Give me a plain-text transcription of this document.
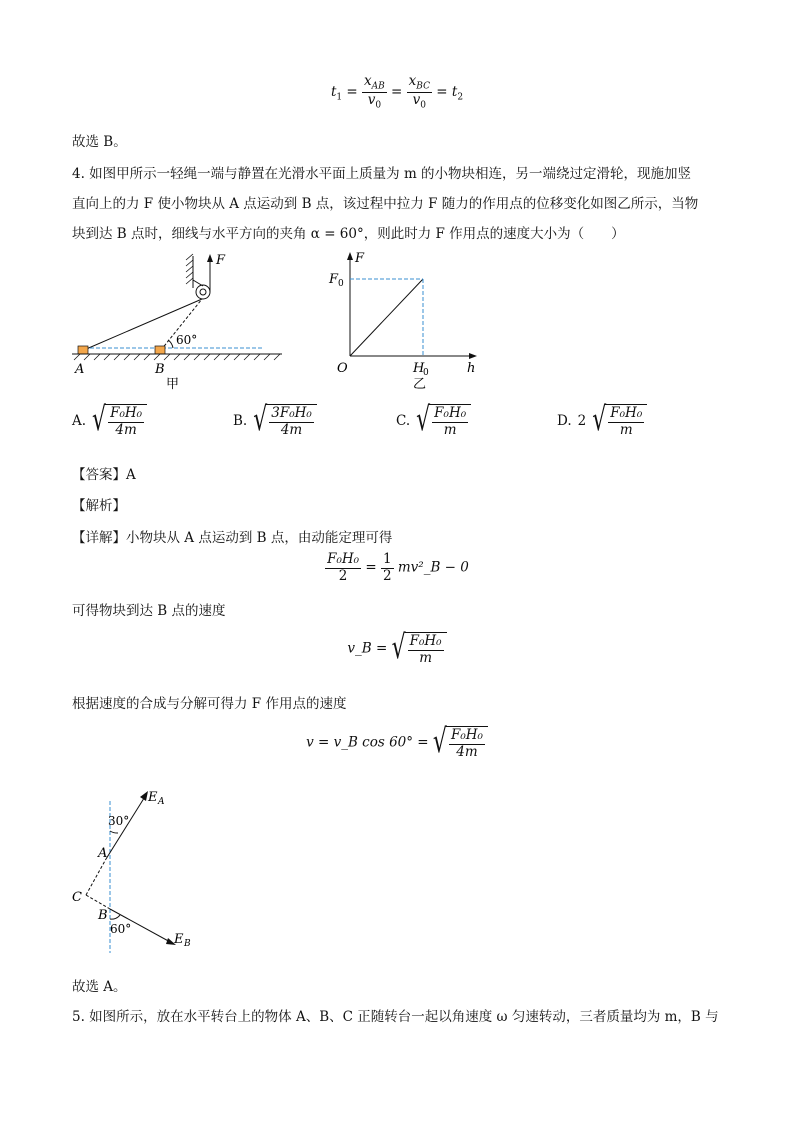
$t_1 = \frac{x_{AB}}{v_0} = \frac{x_{BC}}{v_0} = t_2$
故选 B。
4. 如图甲所示一轻绳一端与静置在光滑水平面上质量为 m 的小物块相连，另一端绕过定滑轮，现施加竖
直向上的力 F 使小物块从 A 点运动到 B 点，该过程中拉力 F 随力的作用点的位移变化如图乙所示，当物
块到达 B 点时，细线与水平方向的夹角 α = 60°，则此时力 F 作用点的速度大小为（　　）
F
60°
A	B
甲
F
F 0
O	H
0	h
乙
A. √ $\frac{\text{F₀H₀}}{4m}$	B. √ $\frac{\text{3F₀H₀}}{4m}$	C. √ $\frac{\text{F₀H₀}}{m}$	D. 2 √ $\frac{\text{F₀H₀}}{m}$
【答案】A
【解析】
【详解】小物块从 A 点运动到 B 点，由动能定理可得
$\frac{\text{F₀H₀}}{2} = \frac{1}{2}$ mv²_B − 0
可得物块到达 B 点的速度
v_B = √ $\frac{\text{F₀H₀}}{m}$
根据速度的合成与分解可得力 F 作用点的速度
v = v_B cos 60° = √ $\frac{\text{F₀H₀}}{4m}$
E A
30°
E B
60°
A
B
C
故选 A。
5. 如图所示，放在水平转台上的物体 A、B、C 正随转台一起以角速度 ω 匀速转动，三者质量均为 m，B 与
